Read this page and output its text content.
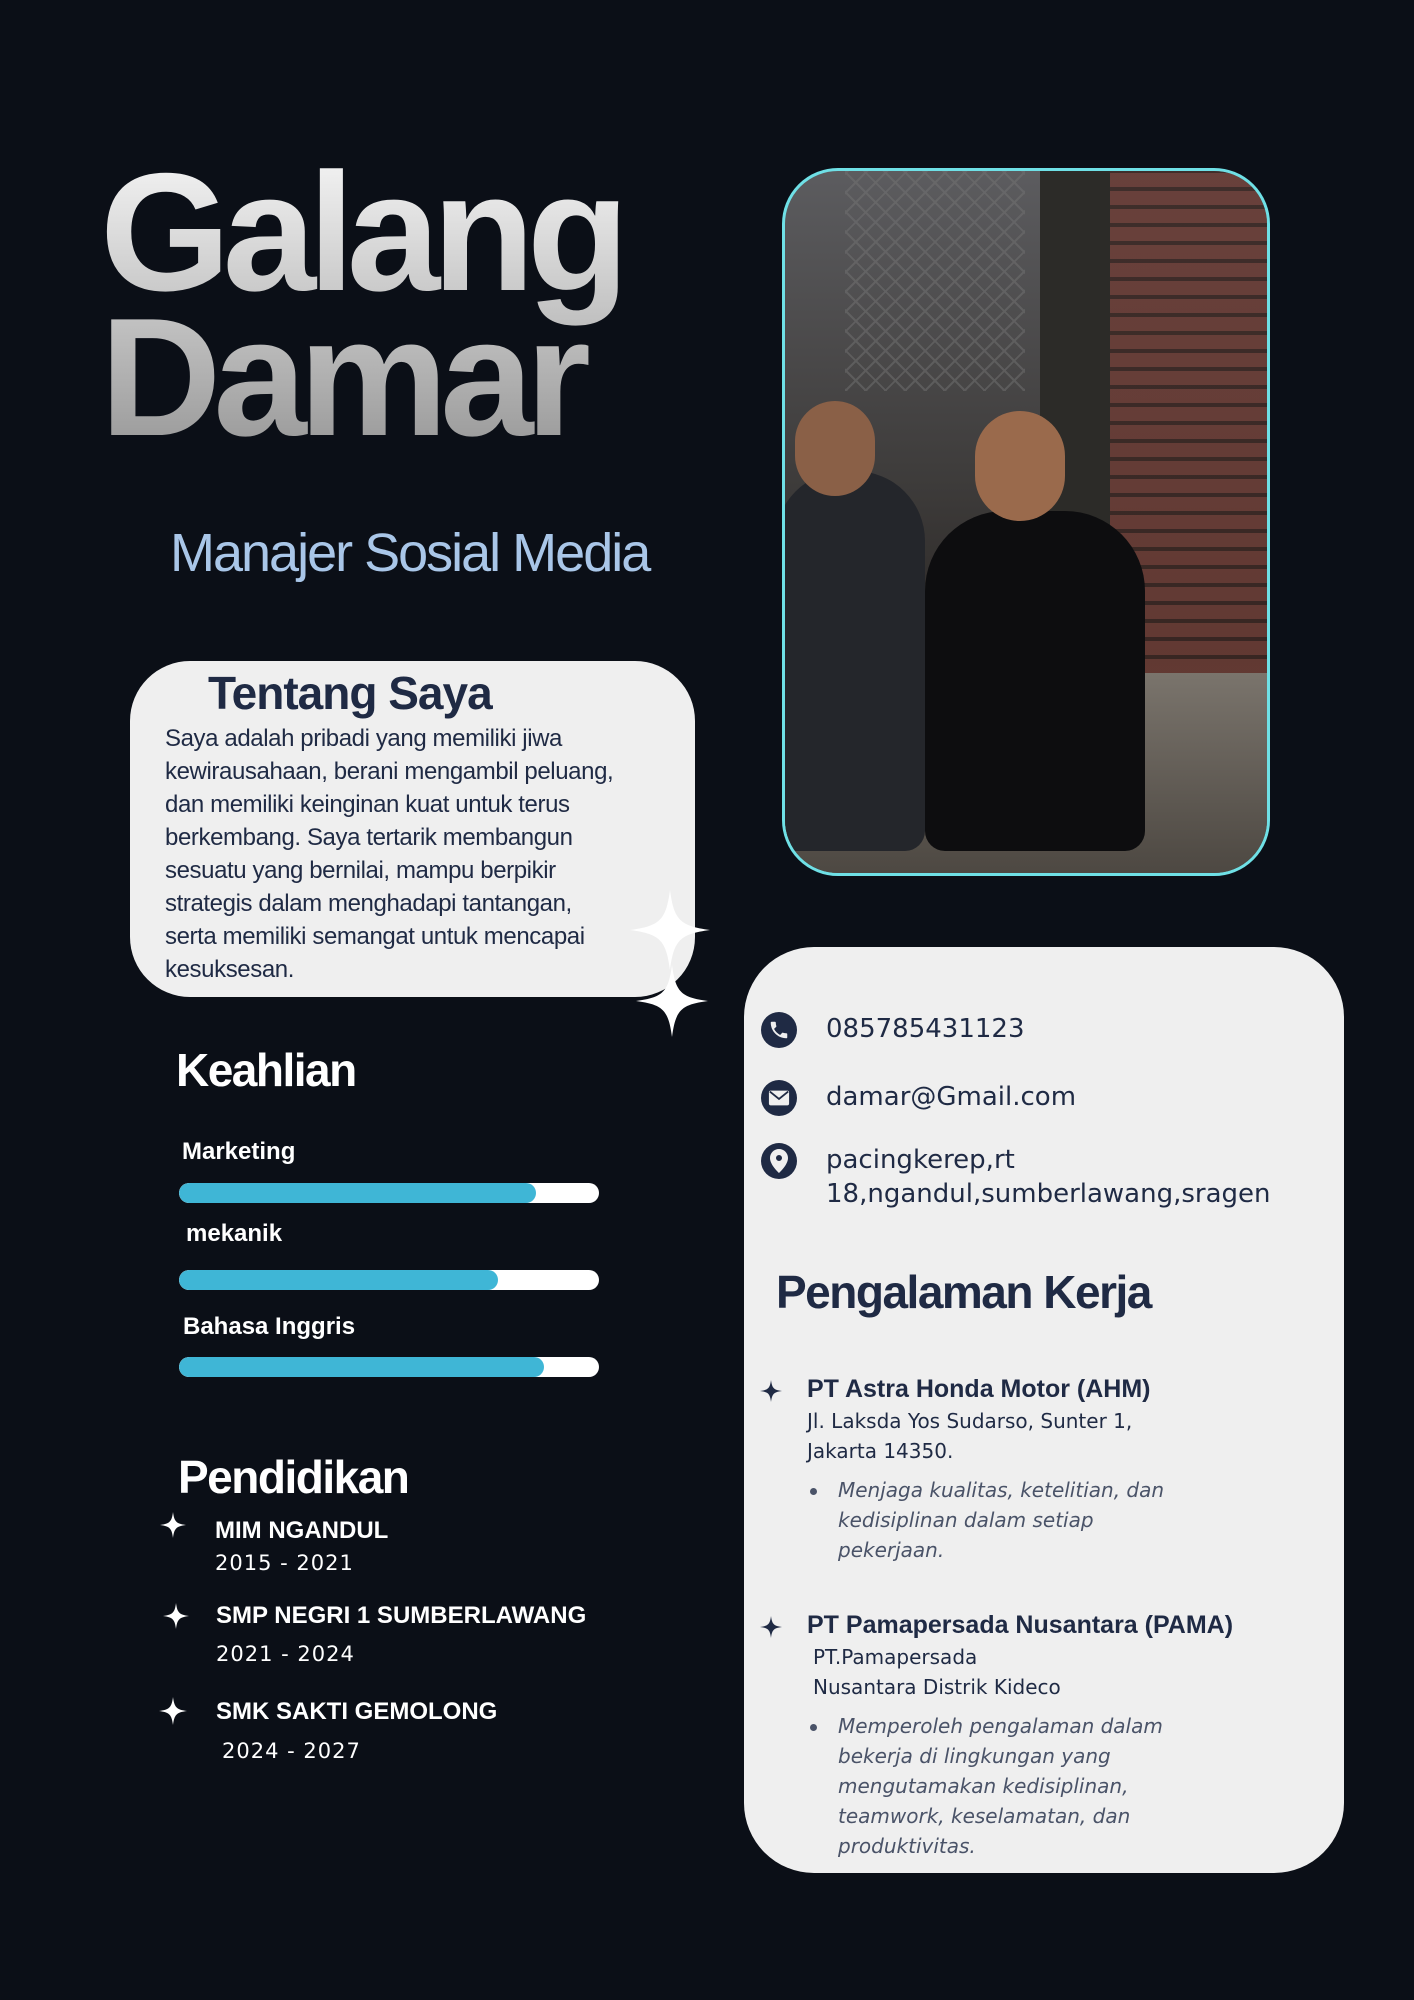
Galang
Damar
Manajer Sosial Media
Tentang Saya

Saya adalah pribadi yang memiliki jiwa kewirausahaan, berani mengambil peluang, dan memiliki keinginan kuat untuk terus berkembang. Saya tertarik membangun sesuatu yang bernilai, mampu berpikir strategis dalam menghadapi tantangan, serta memiliki semangat untuk mencapai kesuksesan.

Keahlian
Marketing
mekanik
Bahasa Inggris
Pendidikan
MIM NGANDUL
2015 - 2021
SMP NEGRI 1 SUMBERLAWANG
2021 - 2024
SMK SAKTI GEMOLONG
2024 - 2027
085785431123
damar@Gmail.com
pacingkerep,rt
18,ngandul,sumberlawang,sragen
Pengalaman Kerja
PT Astra Honda Motor (AHM)
Jl. Laksda Yos Sudarso, Sunter 1,
Jakarta 14350.
Menjaga kualitas, ketelitian, dan
kedisiplinan dalam setiap
pekerjaan.
PT Pamapersada Nusantara (PAMA)
PT.Pamapersada
Nusantara Distrik Kideco
Memperoleh pengalaman dalam
bekerja di lingkungan yang
mengutamakan kedisiplinan,
teamwork, keselamatan, dan
produktivitas.
